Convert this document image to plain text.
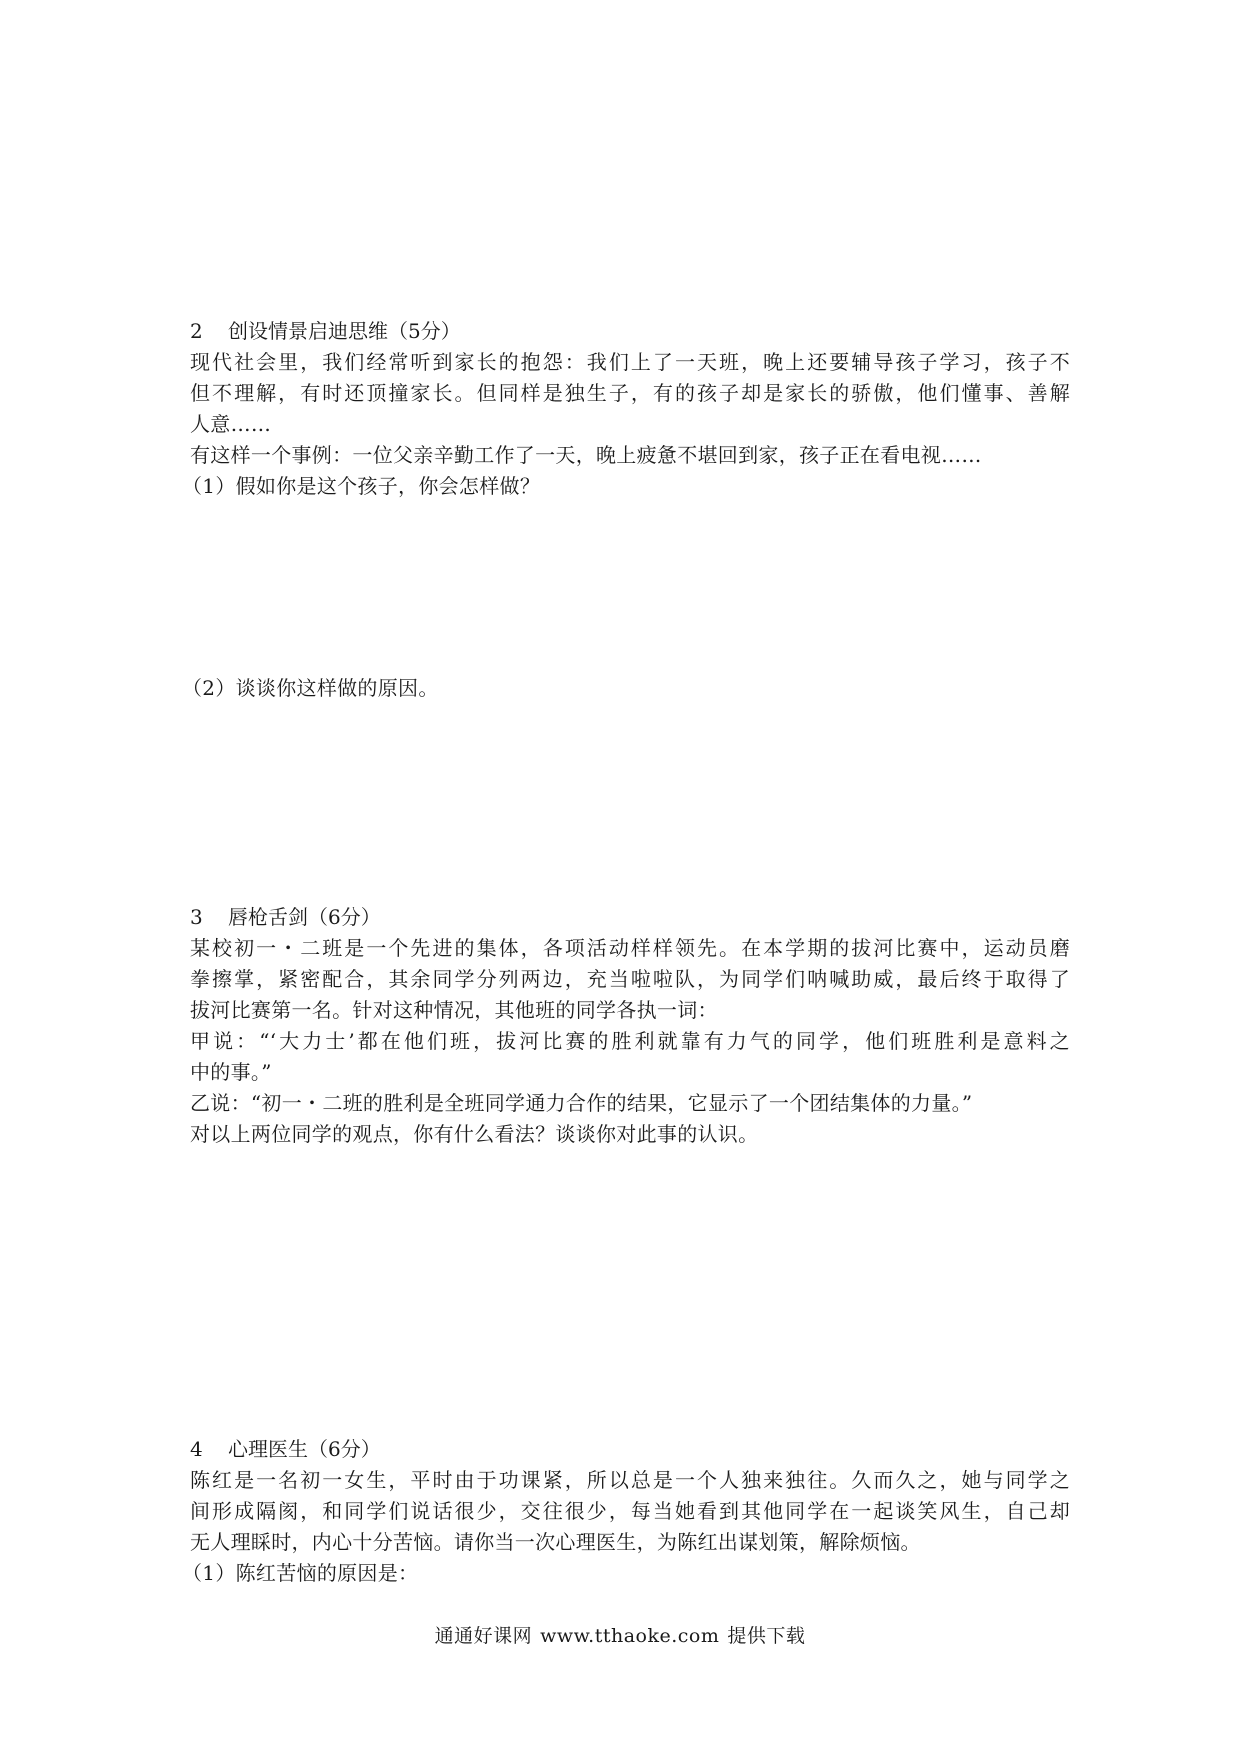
2 创设情景启迪思维（5分）
现代社会里，我们经常听到家长的抱怨：我们上了一天班，晚上还要辅导孩子学习，孩子不
但不理解，有时还顶撞家长。但同样是独生子，有的孩子却是家长的骄傲，他们懂事、善解
人意……
有这样一个事例：一位父亲辛勤工作了一天，晚上疲惫不堪回到家，孩子正在看电视……
（1）假如你是这个孩子，你会怎样做？
（2）谈谈你这样做的原因。
3 唇枪舌剑（6分）
某校初一・二班是一个先进的集体，各项活动样样领先。在本学期的拔河比赛中，运动员磨
拳擦掌，紧密配合，其余同学分列两边，充当啦啦队，为同学们呐喊助威，最后终于取得了
拔河比赛第一名。针对这种情况，其他班的同学各执一词：
甲说：“‘大力士’都在他们班，拔河比赛的胜利就靠有力气的同学，他们班胜利是意料之
中的事。”
乙说：“初一・二班的胜利是全班同学通力合作的结果，它显示了一个团结集体的力量。”
对以上两位同学的观点，你有什么看法？谈谈你对此事的认识。
4 心理医生（6分）
陈红是一名初一女生，平时由于功课紧，所以总是一个人独来独往。久而久之，她与同学之
间形成隔阂，和同学们说话很少，交往很少，每当她看到其他同学在一起谈笑风生，自己却
无人理睬时，内心十分苦恼。请你当一次心理医生，为陈红出谋划策，解除烦恼。
（1）陈红苦恼的原因是：
通通好课网 www.tthaoke.com 提供下载
